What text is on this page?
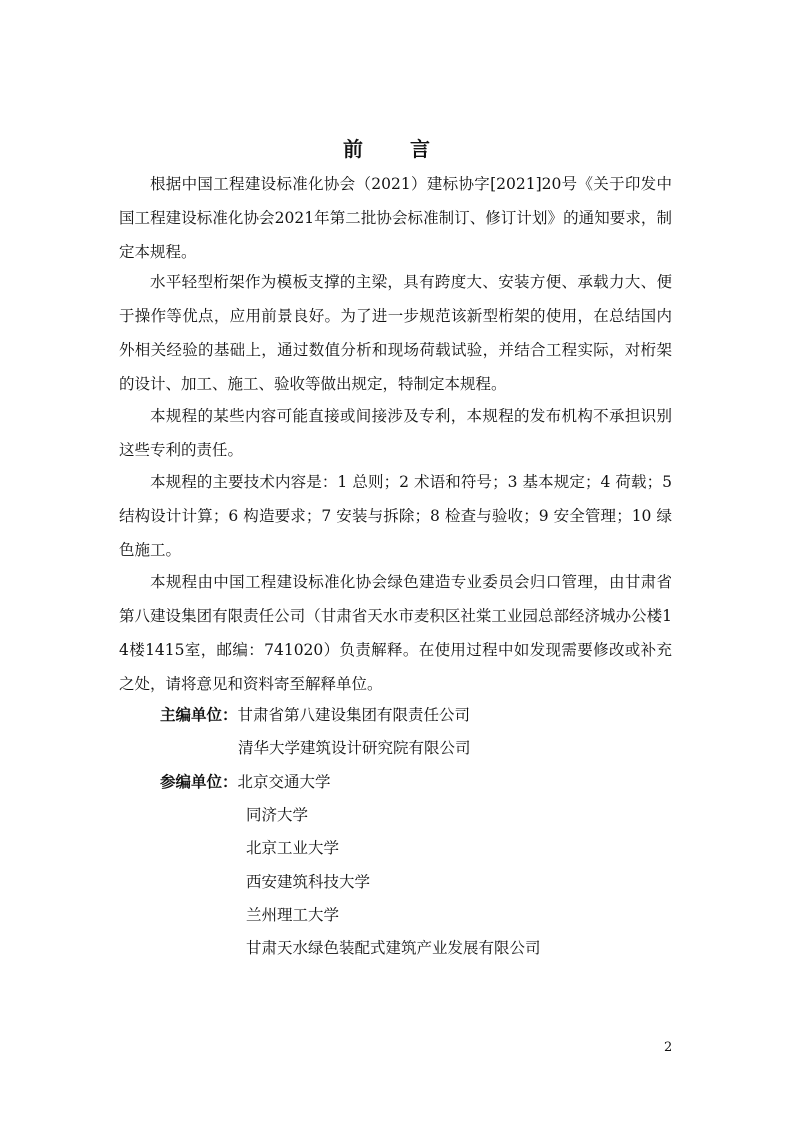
前 言
根据中国工程建设标准化协会（2021）建标协字[2021]20号《关于印发中国工程建设标准化协会2021年第二批协会标准制订、修订计划》的通知要求，制定本规程。
水平轻型桁架作为模板支撑的主梁，具有跨度大、安装方便、承载力大、便于操作等优点，应用前景良好。为了进一步规范该新型桁架的使用，在总结国内外相关经验的基础上，通过数值分析和现场荷载试验，并结合工程实际，对桁架的设计、加工、施工、验收等做出规定，特制定本规程。
本规程的某些内容可能直接或间接涉及专利，本规程的发布机构不承担识别这些专利的责任。
本规程的主要技术内容是：1 总则；2 术语和符号；3 基本规定；4 荷载；5 结构设计计算；6 构造要求；7 安装与拆除；8 检查与验收；9 安全管理；10 绿色施工。
本规程由中国工程建设标准化协会绿色建造专业委员会归口管理，由甘肃省第八建设集团有限责任公司（甘肃省天水市麦积区社棠工业园总部经济城办公楼14楼1415室，邮编：741020）负责解释。在使用过程中如发现需要修改或补充之处，请将意见和资料寄至解释单位。
主编单位：甘肃省第八建设集团有限责任公司
清华大学建筑设计研究院有限公司
参编单位：北京交通大学
同济大学
北京工业大学
西安建筑科技大学
兰州理工大学
甘肃天水绿色装配式建筑产业发展有限公司
2
